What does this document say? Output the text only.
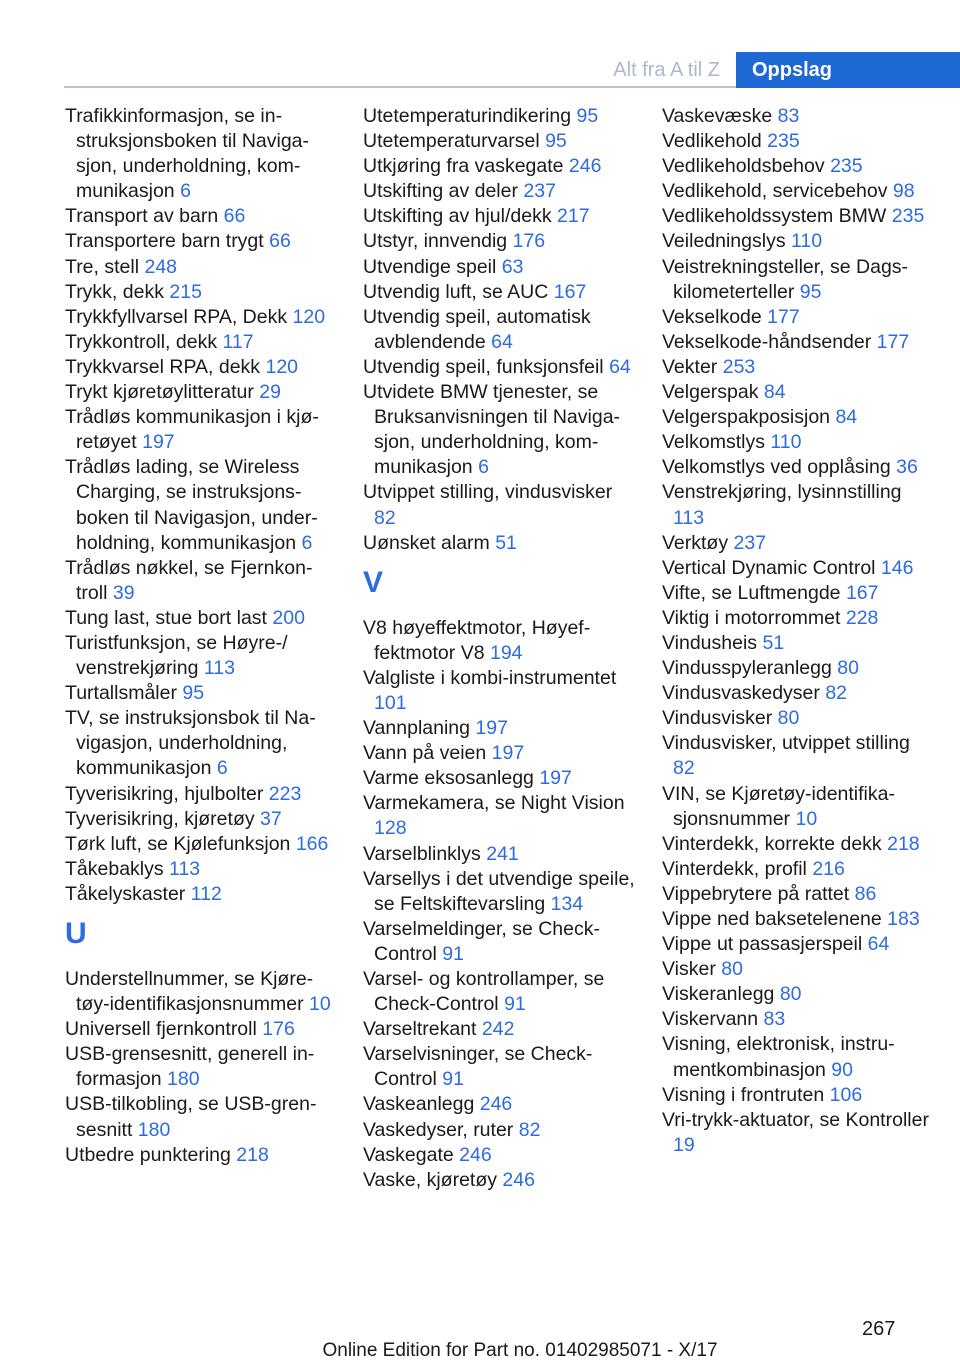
Alt fra A til Z	Oppslag
Trafikkinformasjon, se instruksjonsboken til Navigasjon, underholdning, kommunikasjon 6
Transport av barn 66
Transportere barn trygt 66
Tre, stell 248
Trykk, dekk 215
Trykkfyllvarsel RPA, Dekk 120
Trykkontroll, dekk 117
Trykkvarsel RPA, dekk 120
Trykt kjøretøylitteratur 29
Trådløs kommunikasjon i kjøretøyet 197
Trådløs lading, se Wireless Charging, se instruksjonsboken til Navigasjon, underholdning, kommunikasjon 6
Trådløs nøkkel, se Fjernkontroll 39
Tung last, stue bort last 200
Turistfunksjon, se Høyre-/ venstrekjøring 113
Turtallsmåler 95
TV, se instruksjonsbok til Navigasjon, underholdning, kommunikasjon 6
Tyverisikring, hjulbolter 223
Tyverisikring, kjøretøy 37
Tørk luft, se Kjølefunksjon 166
Tåkebaklys 113
Tåkelyskaster 112
U
Understellnummer, se Kjøretøy-identifikasjonsnummer 10
Universell fjernkontroll 176
USB-grensesnitt, generell informasjon 180
USB-tilkobling, se USB-grensesnitt 180
Utbedre punktering 218
Utetemperaturindikering 95
Utetemperaturvarsel 95
Utkjøring fra vaskegate 246
Utskifting av deler 237
Utskifting av hjul/dekk 217
Utstyr, innvendig 176
Utvendige speil 63
Utvendig luft, se AUC 167
Utvendig speil, automatisk avblendende 64
Utvendig speil, funksjonsfeil 64
Utvidete BMW tjenester, se Bruksanvisningen til Navigasjon, underholdning, kommunikasjon 6
Utvippet stilling, vindusvisker 82
Uønsket alarm 51
V
V8 høyeffektmotor, Høyeffektmotor V8 194
Valgliste i kombi-instrumentet 101
Vannplaning 197
Vann på veien 197
Varme eksosanlegg 197
Varmekamera, se Night Vision 128
Varselblinklys 241
Varsellys i det utvendige speile, se Feltskiftevarsling 134
Varselmeldinger, se Check-Control 91
Varsel- og kontrollamper, se Check-Control 91
Varseltrekant 242
Varselvisninger, se Check-Control 91
Vaskeanlegg 246
Vaskedyser, ruter 82
Vaskegate 246
Vaske, kjøretøy 246
Vaskevæske 83
Vedlikehold 235
Vedlikeholdsbehov 235
Vedlikehold, servicebehov 98
Vedlikeholdssystem BMW 235
Veiledningslys 110
Veistrekningsteller, se Dagskilometerteller 95
Vekselkode 177
Vekselkode-håndsender 177
Vekter 253
Velgerspak 84
Velgerspakposisjon 84
Velkomstlys 110
Velkomstlys ved opplåsing 36
Venstrekjøring, lysinnstilling 113
Verktøy 237
Vertical Dynamic Control 146
Vifte, se Luftmengde 167
Viktig i motorrommet 228
Vindusheis 51
Vindusspyleranlegg 80
Vindusvaskedyser 82
Vindusvisker 80
Vindusvisker, utvippet stilling 82
VIN, se Kjøretøy-identifikasjonsnummer 10
Vinterdekk, korrekte dekk 218
Vinterdekk, profil 216
Vippebrytere på rattet 86
Vippe ned baksetelenene 183
Vippe ut passasjerspeil 64
Visker 80
Viskeranlegg 80
Viskervann 83
Visning, elektronisk, instrumentkombinasjon 90
Visning i frontruten 106
Vri-trykk-aktuator, se Kontroller 19
267
Online Edition for Part no. 01402985071 - X/17
